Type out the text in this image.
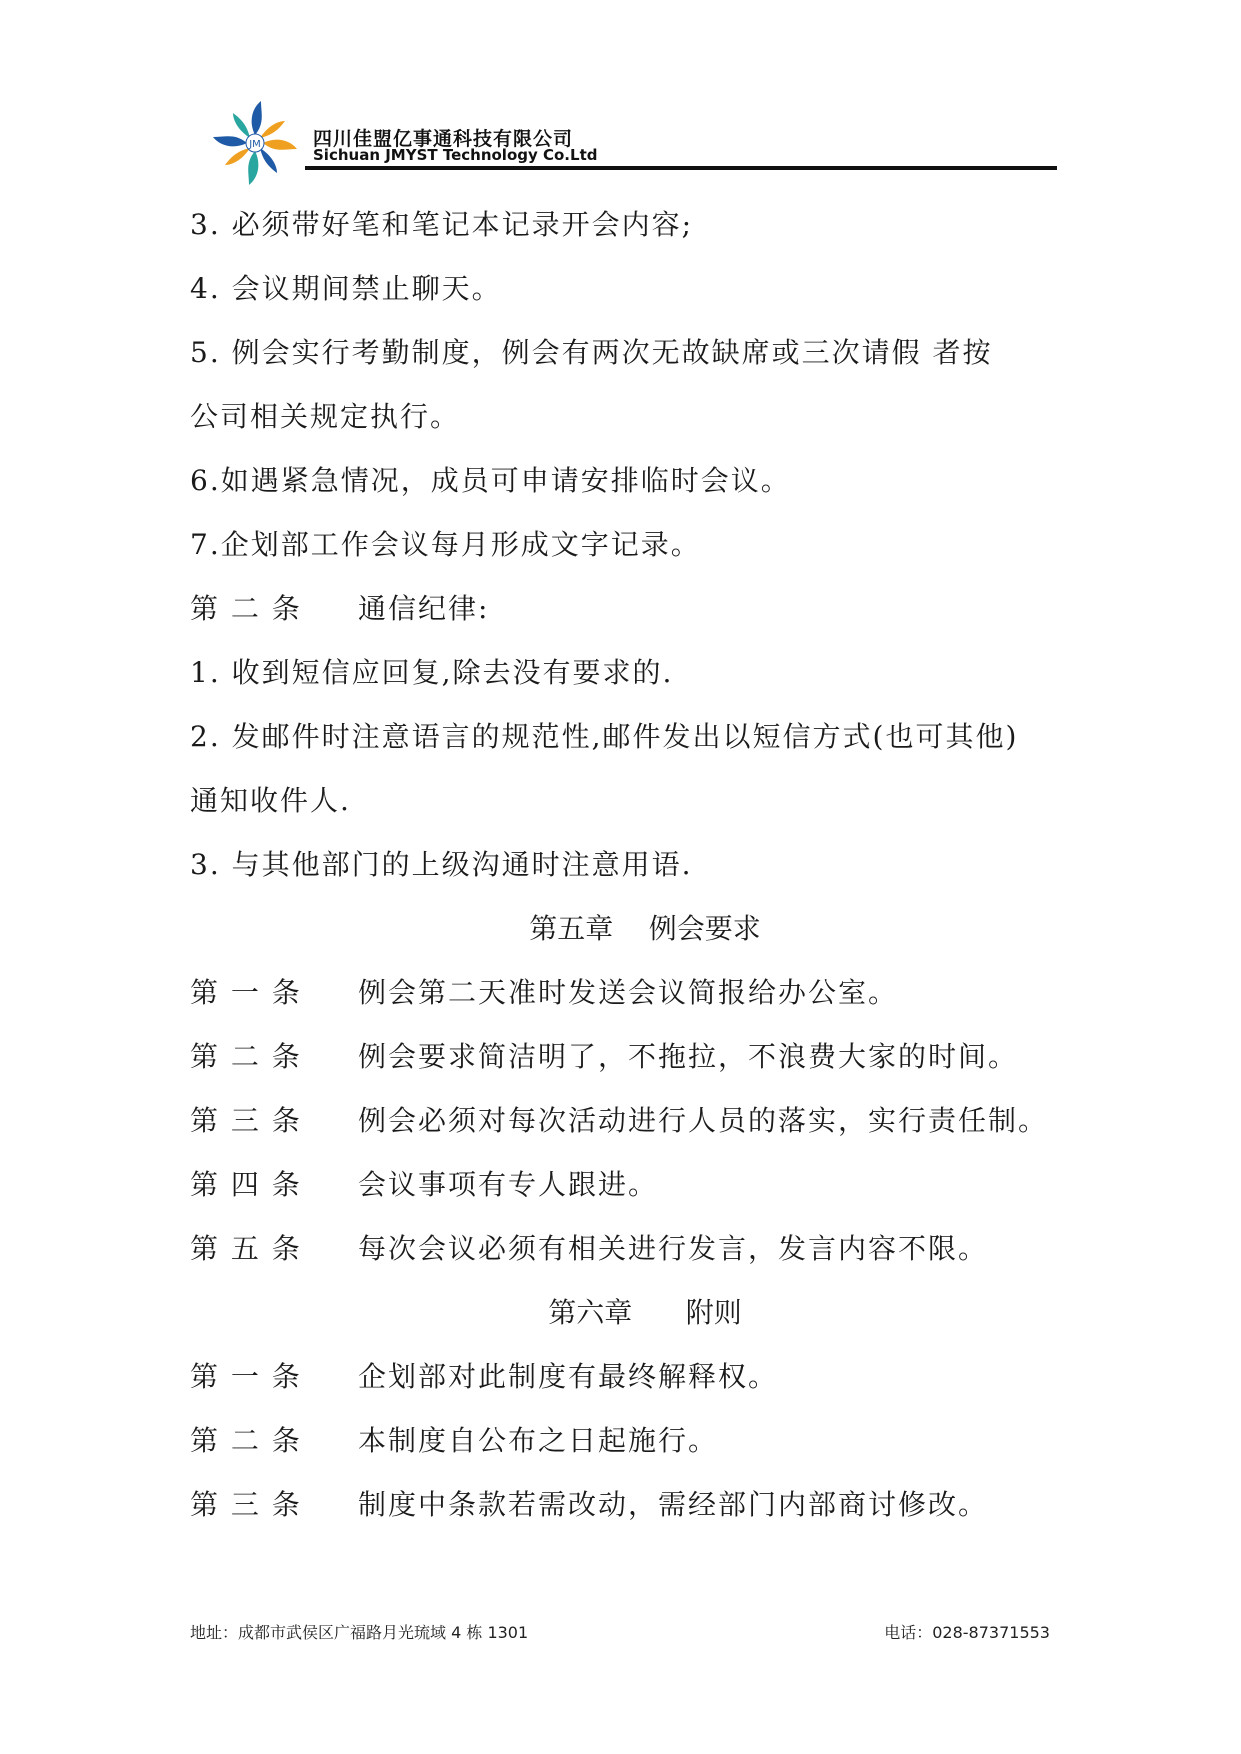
JM	四川佳盟亿事通科技有限公司
Sichuan JMYST Technology Co.Ltd
3. 必须带好笔和笔记本记录开会内容;
4. 会议期间禁止聊天。
5. 例会实行考勤制度，例会有两次无故缺席或三次请假 者按
公司相关规定执行。
6.如遇紧急情况，成员可申请安排临时会议。
7.企划部工作会议每月形成文字记录。
第 二 条 通信纪律:
1. 收到短信应回复,除去没有要求的.
2. 发邮件时注意语言的规范性,邮件发出以短信方式(也可其他)
通知收件人.
3. 与其他部门的上级沟通时注意用语.
第五章    例会要求
第 一 条 例会第二天准时发送会议简报给办公室。
第 二 条 例会要求简洁明了，不拖拉，不浪费大家的时间。
第 三 条 例会必须对每次活动进行人员的落实，实行责任制。
第 四 条 会议事项有专人跟进。
第 五 条 每次会议必须有相关进行发言，发言内容不限。
第六章      附则
第 一 条 企划部对此制度有最终解释权。
第 二 条 本制度自公布之日起施行。
第 三 条 制度中条款若需改动，需经部门内部商讨修改。
地址：成都市武侯区广福路月光琉域 4 栋 1301	电话：028-87371553
